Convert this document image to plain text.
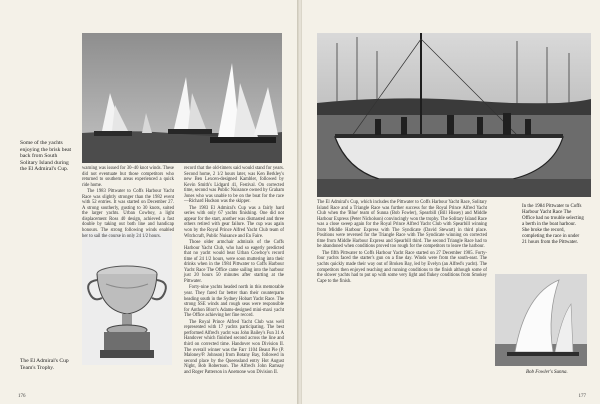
Some of the yachts enjoying the brisk beat back from South Solitary Island during the El Admiral's Cup.
The El Admiral's Cup Team's Trophy.

warning was issued for 30–40 knot winds. These did not eventuate but those competitors who returned to southern areas experienced a quick ride home.

The 1983 Pittwater to Coffs Harbour Yacht Race was slightly stronger than the 1982 event with 52 entries. It was started on December 27. A strong southerly, gusting to 30 knots, suited the larger yachts. Urban Cowboy, a light displacement Ross 40 design, achieved a fast double by taking out both line and handicap honours. The strong following winds enabled her to sail the course in only 24 1/2 hours.

record that the old-timers said would stand for years. Second home, 2 1/2 hours later, was Ken Berkley's new Ben Lexcen-designed Kambler, followed by Kevin Smith's Lidgard 41, Festival. On corrected time, second was Public Nuisance owned by Graham Jones who was unable to be on the boat for the race—Richard Hudson was the skipper.

The 1983 El Admiral's Cup was a fairly hard series with only 67 yachts finishing. One did not appear for the start, another was dismasted and three others retired with gear failure. The cup was again won by the Royal Prince Alfred Yacht Club team of Witchcraft, Public Nuisance and En Faire.

Those older armchair admirals of the Coffs Harbour Yacht Club, who had so eagerly predicted that no yacht would beat Urban Cowboy's record time of 24 1/2 hours, were soon muttering into their drinks when in the 1984 Pittwater to Coffs Harbour Yacht Race The Office came sailing into the harbour just 20 hours 50 minutes after starting at the Pittwater.

Forty-nine yachts headed north in this memorable year. They fared far better than their counterparts heading south in the Sydney Hobart Yacht Race. The strong SSE winds and rough seas were responsible for Anthon Blorr's Adams-designed mini-maxi yacht The Office achieving her fine record.

The Royal Prince Alfred Yacht Club was well represented with 17 yachts participating. The best performed Alfred's yacht was John Bailey's Fun 31 A Handover which finished second across the line and third on corrected time. Handover won Division II. The overall winner was the Farr 1104 Beaut Pie (P. Maloney/P. Johnson) from Botany Bay, followed in second place by the Queensland entry Hot August Night, Bob Robertson. The Alfred's John Ramsay and Roger Patterson in Anemone won Division II.

176

The El Admiral's Cup, which includes the Pittwater to Coffs Harbour Yacht Race, Solitary Island Race and a Triangle Race was further success for the Royal Prince Alfred Yacht Club when the 'Blue' team of Sunna (Bob Fowler), Spearbill (Bill Hissey) and Middle Harbour Express (Peter Nicholson) convincingly won the trophy. The Solitary Island Race was a close sweep again for the Royal Prince Alfred Yacht Club with Spearbill winning from Middle Harbour Express with The Syndicate (David Stewart) in third place. Positions were reversed for the Triangle Race with The Syndicate winning on corrected time from Middle Harbour Express and Spearbill third. The second Triangle Race had to be abandoned when conditions proved too rough for the competitors to leave the harbour.

The fifth Pittwater to Coffs Harbour Yacht Race started on 27 December 1985. Forty-four yachts faced the starter's gun on a fine day. Winds were from the south-east. The yachts quickly made their way out of Broken Bay, led by Evelyn (an Alfred's yacht). The competitors then enjoyed reaching and running conditions to the finish although some of the slower yachts had to put up with some very light and flukey conditions from Smokey Cape to the finish.

In the 1984 Pittwater to Coffs Harbour Yacht Race The Office had no trouble selecting a berth in the boat harbour. She broke the record, completing the race in under 21 hours from the Pittwater.
Bob Fowler's Sunna.
177
